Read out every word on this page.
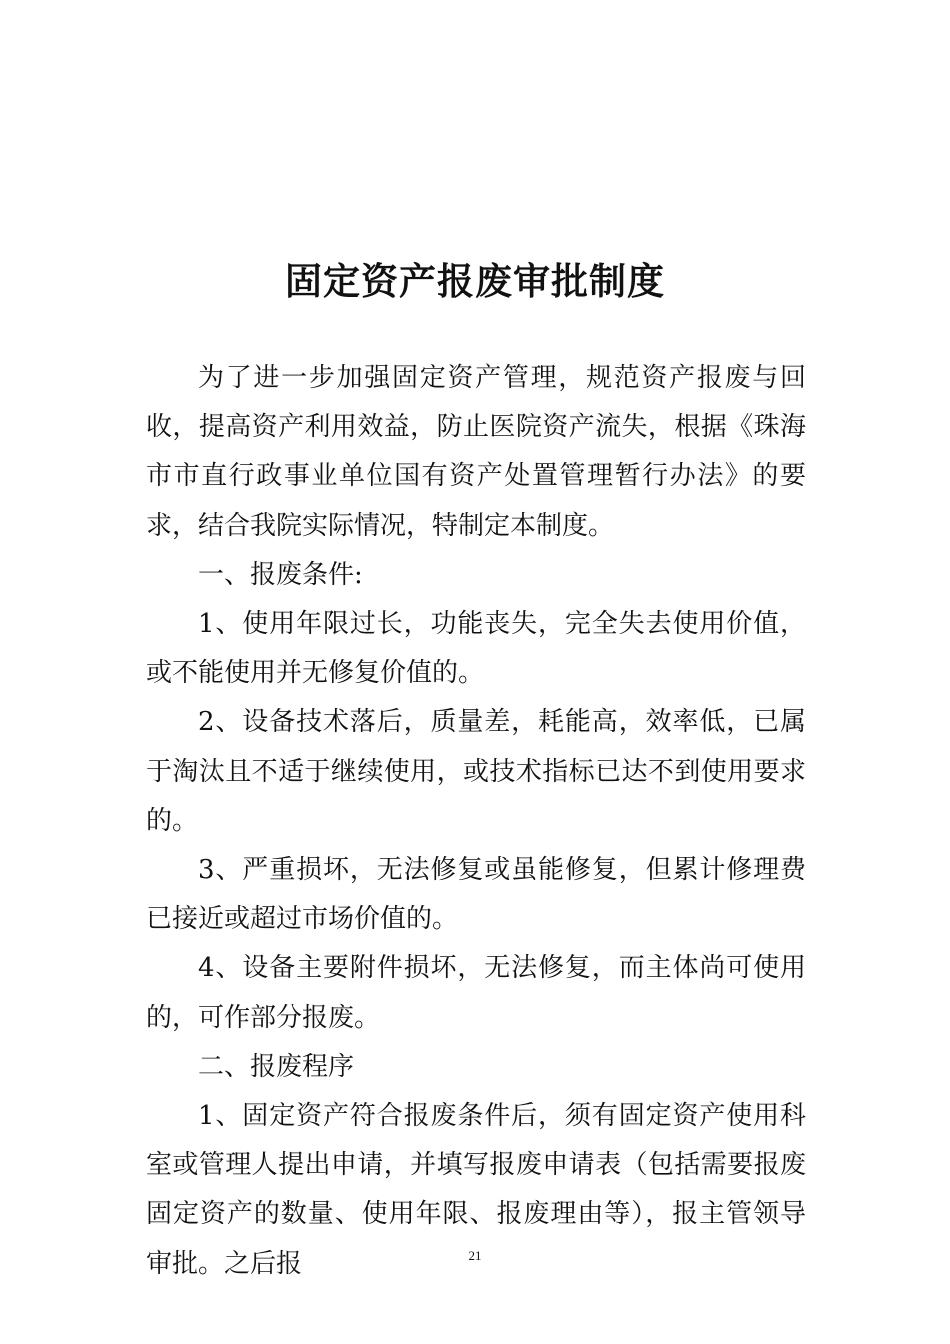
固定资产报废审批制度

为了进一步加强固定资产管理，规范资产报废与回收，提高资产利用效益，防止医院资产流失，根据《珠海市市直行政事业单位国有资产处置管理暂行办法》的要求，结合我院实际情况，特制定本制度。

一、报废条件:

1、使用年限过长，功能丧失，完全失去使用价值，或不能使用并无修复价值的。

2、设备技术落后，质量差，耗能高，效率低，已属于淘汰且不适于继续使用，或技术指标已达不到使用要求的。

3、严重损坏，无法修复或虽能修复，但累计修理费已接近或超过市场价值的。

4、设备主要附件损坏，无法修复，而主体尚可使用的，可作部分报废。

二、报废程序

1、固定资产符合报废条件后，须有固定资产使用科室或管理人提出申请，并填写报废申请表（包括需要报废固定资产的数量、使用年限、报废理由等），报主管领导审批。之后报	21
